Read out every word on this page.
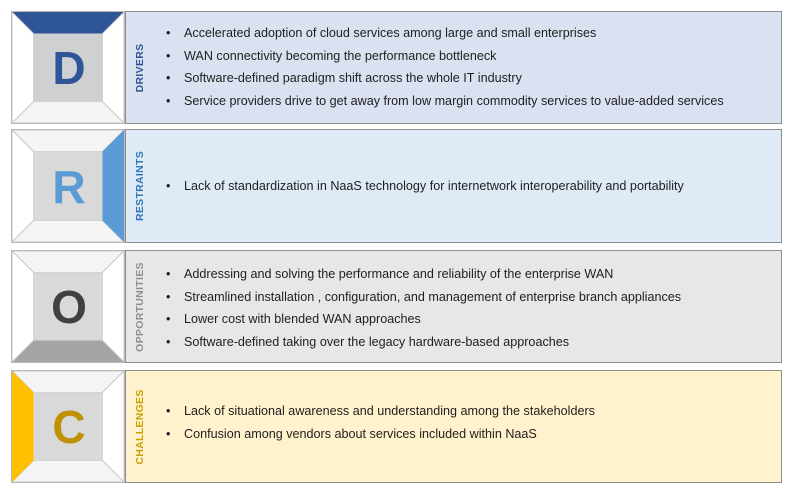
D	DRIVERS
• Accelerated adoption of cloud services among large and small enterprises
• WAN connectivity becoming the performance bottleneck
• Software-defined paradigm shift across the whole IT industry
• Service providers drive to get away from low margin commodity services to value-added services
R	RESTRAINTS	• Lack of standardization in NaaS technology for internetwork interoperability and portability
O	OPPORTUNITIES	• Addressing and solving the performance and reliability of the enterprise WAN
• Streamlined installation , configuration, and management of enterprise branch appliances
• Lower cost with blended WAN approaches
• Software-defined taking over the legacy hardware-based approaches
C	CHALLENGES	• Lack of situational awareness and understanding among the stakeholders
• Confusion among vendors about services included within NaaS
